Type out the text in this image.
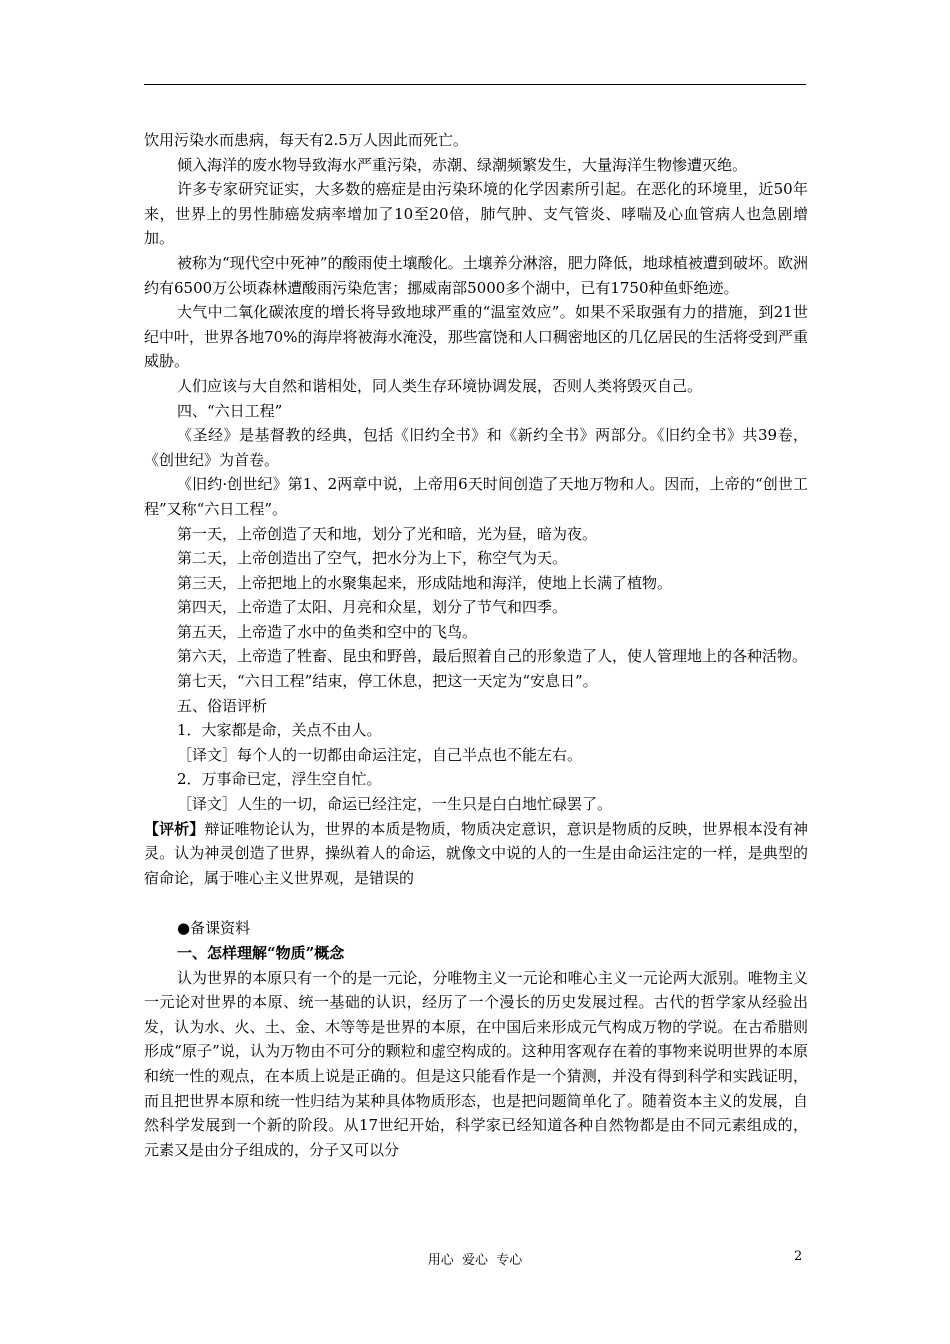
饮用污染水而患病，每天有2.5万人因此而死亡。

倾入海洋的废水物导致海水严重污染，赤潮、绿潮频繁发生，大量海洋生物惨遭灭绝。

许多专家研究证实，大多数的癌症是由污染环境的化学因素所引起。在恶化的环境里，近50年来，世界上的男性肺癌发病率增加了10至20倍，肺气肿、支气管炎、哮喘及心血管病人也急剧增加。

被称为“现代空中死神”的酸雨使土壤酸化。土壤养分淋溶，肥力降低，地球植被遭到破坏。欧洲约有6500万公顷森林遭酸雨污染危害；挪威南部5000多个湖中，已有1750种鱼虾绝迹。

大气中二氧化碳浓度的增长将导致地球严重的“温室效应”。如果不采取强有力的措施，到21世纪中叶，世界各地70%的海岸将被海水淹没，那些富饶和人口稠密地区的几亿居民的生活将受到严重威胁。

人们应该与大自然和谐相处，同人类生存环境协调发展，否则人类将毁灭自己。

四、“六日工程”

《圣经》是基督教的经典，包括《旧约全书》和《新约全书》两部分。《旧约全书》共39卷，《创世纪》为首卷。

《旧约·创世纪》第1、2两章中说，上帝用6天时间创造了天地万物和人。因而，上帝的“创世工程”又称“六日工程”。

第一天，上帝创造了天和地，划分了光和暗，光为昼，暗为夜。

第二天，上帝创造出了空气，把水分为上下，称空气为天。

第三天，上帝把地上的水聚集起来，形成陆地和海洋，使地上长满了植物。

第四天，上帝造了太阳、月亮和众星，划分了节气和四季。

第五天，上帝造了水中的鱼类和空中的飞鸟。

第六天，上帝造了牲畜、昆虫和野兽，最后照着自己的形象造了人，使人管理地上的各种活物。

第七天，“六日工程”结束，停工休息，把这一天定为“安息日”。

五、俗语评析

1．大家都是命，关点不由人。

［译文］每个人的一切都由命运注定，自己半点也不能左右。

2．万事命已定，浮生空自忙。

［译文］人生的一切，命运已经注定，一生只是白白地忙碌罢了。

【评析】辩证唯物论认为，世界的本质是物质，物质决定意识，意识是物质的反映，世界根本没有神灵。认为神灵创造了世界，操纵着人的命运，就像文中说的人的一生是由命运注定的一样，是典型的宿命论，属于唯心主义世界观，是错误的

●备课资料

一、怎样理解“物质”概念

认为世界的本原只有一个的是一元论，分唯物主义一元论和唯心主义一元论两大派别。唯物主义一元论对世界的本原、统一基础的认识，经历了一个漫长的历史发展过程。古代的哲学家从经验出发，认为水、火、土、金、木等等是世界的本原，在中国后来形成元气构成万物的学说。在古希腊则形成“原子”说，认为万物由不可分的颗粒和虚空构成的。这种用客观存在着的事物来说明世界的本原和统一性的观点，在本质上说是正确的。但是这只能看作是一个猜测，并没有得到科学和实践证明，而且把世界本原和统一性归结为某种具体物质形态，也是把问题简单化了。随着资本主义的发展，自然科学发展到一个新的阶段。从17世纪开始，科学家已经知道各种自然物都是由不同元素组成的，元素又是由分子组成的，分子又可以分

用心  爱心  专心	2
